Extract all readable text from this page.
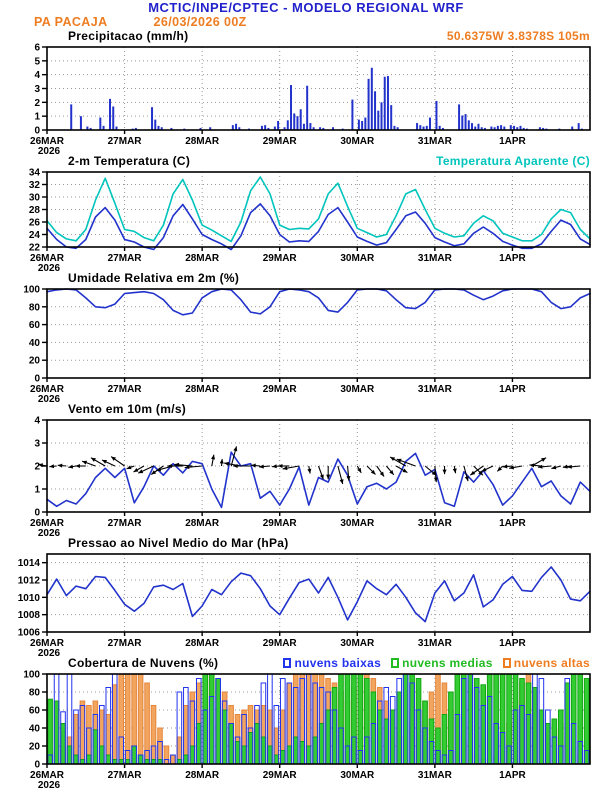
MCTIC/INPE/CPTEC - MODELO REGIONAL WRF
PA PACAJA	26/03/2026 00Z
Precipitacao (mm/h)	50.6375W 3.8378S 105m
0
1
2
3
4
5
6
26MAR
2026
27MAR	28MAR	29MAR	30MAR	31MAR	1APR
2-m Temperatura (C)	Temperatura Aparente (C)
22
24
26
28
30
32
34
26MAR
2026
27MAR	28MAR	29MAR	30MAR	31MAR	1APR
Umidade Relativa em 2m (%)
0
20
40
60
80
100
26MAR
2026
27MAR	28MAR	29MAR	30MAR	31MAR	1APR
Vento em 10m (m/s)
0
1
2
3
4
26MAR
2026
27MAR	28MAR	29MAR	30MAR	31MAR	1APR
Pressao ao Nivel Medio do Mar (hPa)
1006
1008
1010
1012
1014
26MAR
2026
27MAR	28MAR	29MAR	30MAR	31MAR	1APR
Cobertura de Nuvens (%)	nuvens baixas nuvens medias nuvens altas
0
20
40
60
80
100
26MAR
2026
27MAR	28MAR	29MAR	30MAR	31MAR	1APR
